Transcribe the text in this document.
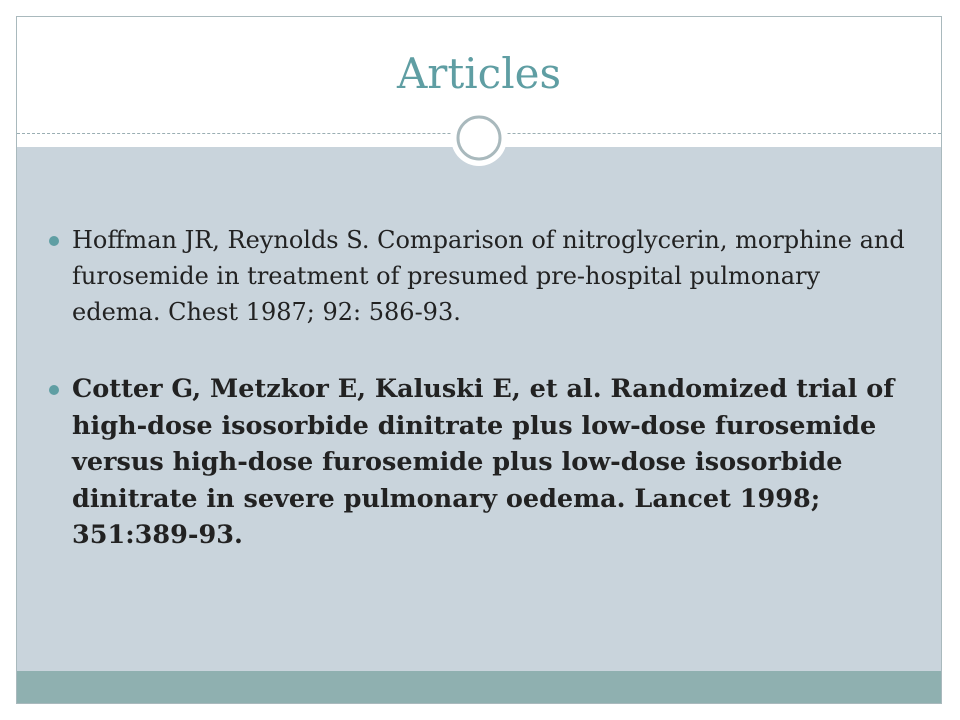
Articles
Hoffman JR, Reynolds S. Comparison of nitroglycerin, morphine and furosemide in treatment of presumed pre-hospital pulmonary edema. Chest 1987; 92: 586-93.
Cotter G, Metzkor E, Kaluski E, et al. Randomized trial of high-dose isosorbide dinitrate plus low-dose furosemide versus high-dose furosemide plus low-dose isosorbide dinitrate in severe pulmonary oedema. Lancet 1998; 351:389-93.
